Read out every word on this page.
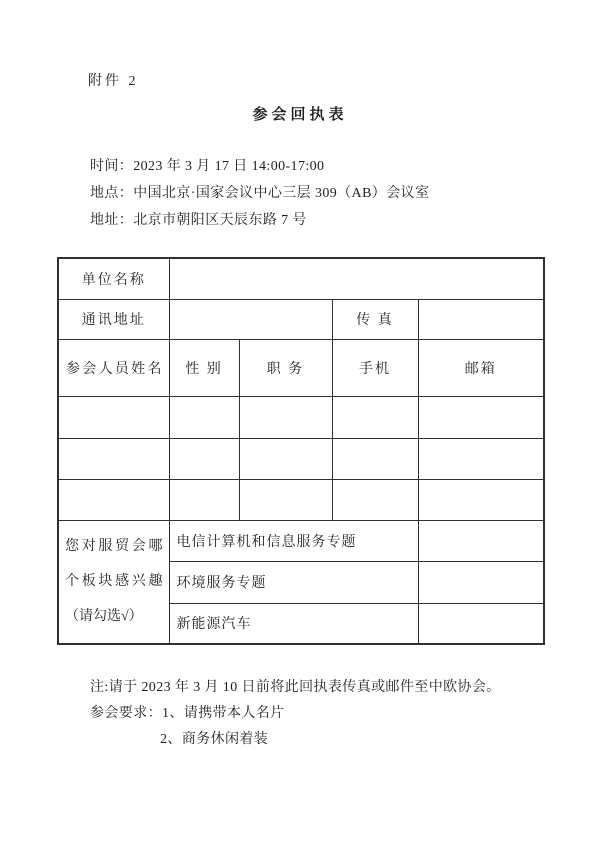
附件 2
参会回执表
时间：2023 年 3 月 17 日 14:00-17:00
地点：中国北京·国家会议中心三层 309（AB）会议室
地址：北京市朝阳区天辰东路 7 号
单位名称				
通讯地址			传 真	
参会人员姓名	性 别	职 务	手机	邮箱

您对服贸会哪
个板块感兴趣
（请勾选√）	电信计算机和信息服务专题			
	环境服务专题			
	新能源汽车			
注:请于 2023 年 3 月 10 日前将此回执表传真或邮件至中欧协会。
参会要求：1、请携带本人名片
2、商务休闲着装
